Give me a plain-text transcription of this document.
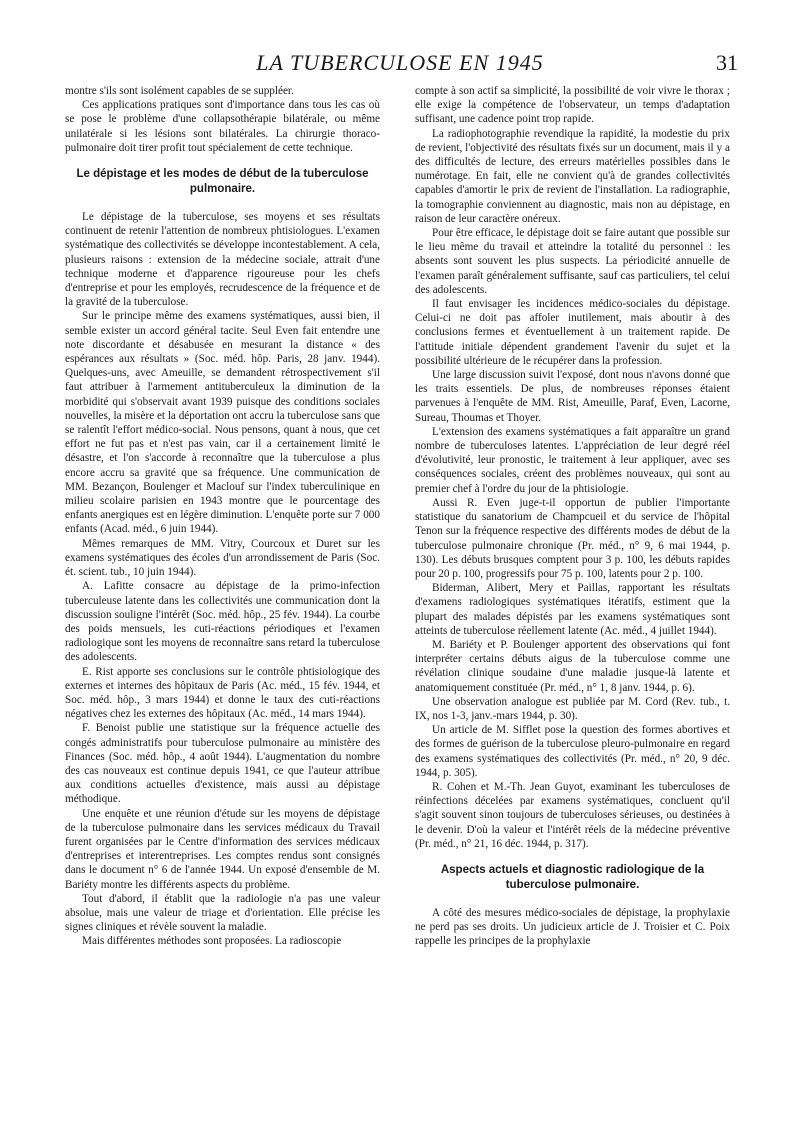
LA TUBERCULOSE EN 1945	31

montre s'ils sont isolément capables de se suppléer.

Ces applications pratiques sont d'importance dans tous les cas où se pose le problème d'une collapsothérapie bilatérale, ou même unilatérale si les lésions sont bilatérales. La chirurgie thoraco-pulmonaire doit tirer profit tout spécialement de cette technique.

Le dépistage et les modes de début de la tuberculose pulmonaire.

Le dépistage de la tuberculose, ses moyens et ses résultats continuent de retenir l'attention de nombreux phtisiologues. L'examen systématique des collectivités se développe incontestablement. A cela, plusieurs raisons : extension de la médecine sociale, attrait d'une technique moderne et d'apparence rigoureuse pour les chefs d'entreprise et pour les employés, recrudescence de la fréquence et de la gravité de la tuberculose.

Sur le principe même des examens systématiques, aussi bien, il semble exister un accord général tacite. Seul Even fait entendre une note discordante et désabusée en mesurant la distance « des espérances aux résultats » (Soc. méd. hôp. Paris, 28 janv. 1944). Quelques-uns, avec Ameuille, se demandent rétrospectivement s'il faut attribuer à l'armement antituberculeux la diminution de la morbidité qui s'observait avant 1939 puisque des conditions sociales nouvelles, la misère et la déportation ont accru la tuberculose sans que se ralentît l'effort médico-social. Nous pensons, quant à nous, que cet effort ne fut pas et n'est pas vain, car il a certainement limité le désastre, et l'on s'accorde à reconnaître que la tuberculose a plus encore accru sa gravité que sa fréquence. Une communication de MM. Bezançon, Boulenger et Maclouf sur l'index tuberculinique en milieu scolaire parisien en 1943 montre que le pourcentage des enfants anergiques est en légère diminution. L'enquête porte sur 7 000 enfants (Acad. méd., 6 juin 1944).

Mêmes remarques de MM. Vitry, Courcoux et Duret sur les examens systématiques des écoles d'un arrondissement de Paris (Soc. ét. scient. tub., 10 juin 1944).

A. Lafitte consacre au dépistage de la primo-infection tuberculeuse latente dans les collectivités une communication dont la discussion souligne l'intérêt (Soc. méd. hôp., 25 fév. 1944). La courbe des poids mensuels, les cuti-réactions périodiques et l'examen radiologique sont les moyens de reconnaître sans retard la tuberculose des adolescents.

E. Rist apporte ses conclusions sur le contrôle phtisiologique des externes et internes des hôpitaux de Paris (Ac. méd., 15 fév. 1944, et Soc. méd. hôp., 3 mars 1944) et donne le taux des cuti-réactions négatives chez les externes des hôpitaux (Ac. méd., 14 mars 1944).

F. Benoist publie une statistique sur la fréquence actuelle des congés administratifs pour tuberculose pulmonaire au ministère des Finances (Soc. méd. hôp., 4 août 1944). L'augmentation du nombre des cas nouveaux est continue depuis 1941, ce que l'auteur attribue aux conditions actuelles d'existence, mais aussi au dépistage méthodique.

Une enquête et une réunion d'étude sur les moyens de dépistage de la tuberculose pulmonaire dans les services médicaux du Travail furent organisées par le Centre d'information des services médicaux d'entreprises et interentreprises. Les comptes rendus sont consignés dans le document n° 6 de l'année 1944. Un exposé d'ensemble de M. Bariéty montre les différents aspects du problème.

Tout d'abord, il établit que la radiologie n'a pas une valeur absolue, mais une valeur de triage et d'orientation. Elle précise les signes cliniques et révèle souvent la maladie.

Mais différentes méthodes sont proposées. La radioscopie

compte à son actif sa simplicité, la possibilité de voir vivre le thorax ; elle exige la compétence de l'observateur, un temps d'adaptation suffisant, une cadence point trop rapide.

La radiophotographie revendique la rapidité, la modestie du prix de revient, l'objectivité des résultats fixés sur un document, mais il y a des difficultés de lecture, des erreurs matérielles possibles dans le numérotage. En fait, elle ne convient qu'à de grandes collectivités capables d'amortir le prix de revient de l'installation. La radiographie, la tomographie conviennent au diagnostic, mais non au dépistage, en raison de leur caractère onéreux.

Pour être efficace, le dépistage doit se faire autant que possible sur le lieu même du travail et atteindre la totalité du personnel : les absents sont souvent les plus suspects. La périodicité annuelle de l'examen paraît généralement suffisante, sauf cas particuliers, tel celui des adolescents.

Il faut envisager les incidences médico-sociales du dépistage. Celui-ci ne doit pas affoler inutilement, mais aboutir à des conclusions fermes et éventuellement à un traitement rapide. De l'attitude initiale dépendent grandement l'avenir du sujet et la possibilité ultérieure de le récupérer dans la profession.

Une large discussion suivit l'exposé, dont nous n'avons donné que les traits essentiels. De plus, de nombreuses réponses étaient parvenues à l'enquête de MM. Rist, Ameuille, Paraf, Even, Lacorne, Sureau, Thoumas et Thoyer.

L'extension des examens systématiques a fait apparaître un grand nombre de tuberculoses latentes. L'appréciation de leur degré réel d'évolutivité, leur pronostic, le traitement à leur appliquer, avec ses conséquences sociales, créent des problèmes nouveaux, qui sont au premier chef à l'ordre du jour de la phtisiologie.

Aussi R. Even juge-t-il opportun de publier l'importante statistique du sanatorium de Champcueil et du service de l'hôpital Tenon sur la fréquence respective des différents modes de début de la tuberculose pulmonaire chronique (Pr. méd., n° 9, 6 mai 1944, p. 130). Les débuts brusques comptent pour 3 p. 100, les débuts rapides pour 20 p. 100, progressifs pour 75 p. 100, latents pour 2 p. 100.

Biderman, Alibert, Mery et Paillas, rapportant les résultats d'examens radiologiques systématiques itératifs, estiment que la plupart des malades dépistés par les examens systématiques sont atteints de tuberculose réellement latente (Ac. méd., 4 juillet 1944).

M. Bariéty et P. Boulenger apportent des observations qui font interpréter certains débuts aigus de la tuberculose comme une révélation clinique soudaine d'une maladie jusque-là latente et anatomiquement constituée (Pr. méd., n° 1, 8 janv. 1944, p. 6).

Une observation analogue est publiée par M. Cord (Rev. tub., t. IX, nos 1-3, janv.-mars 1944, p. 30).

Un article de M. Sifflet pose la question des formes abortives et des formes de guérison de la tuberculose pleuro-pulmonaire en regard des examens systématiques des collectivités (Pr. méd., n° 20, 9 déc. 1944, p. 305).

R. Cohen et M.-Th. Jean Guyot, examinant les tuberculoses de réinfections décelées par examens systématiques, concluent qu'il s'agit souvent sinon toujours de tuberculoses sérieuses, ou destinées à le devenir. D'où la valeur et l'intérêt réels de la médecine préventive (Pr. méd., n° 21, 16 déc. 1944, p. 317).

Aspects actuels et diagnostic radiologique de la tuberculose pulmonaire.

A côté des mesures médico-sociales de dépistage, la prophylaxie ne perd pas ses droits. Un judicieux article de J. Troisier et C. Poix rappelle les principes de la prophylaxie
